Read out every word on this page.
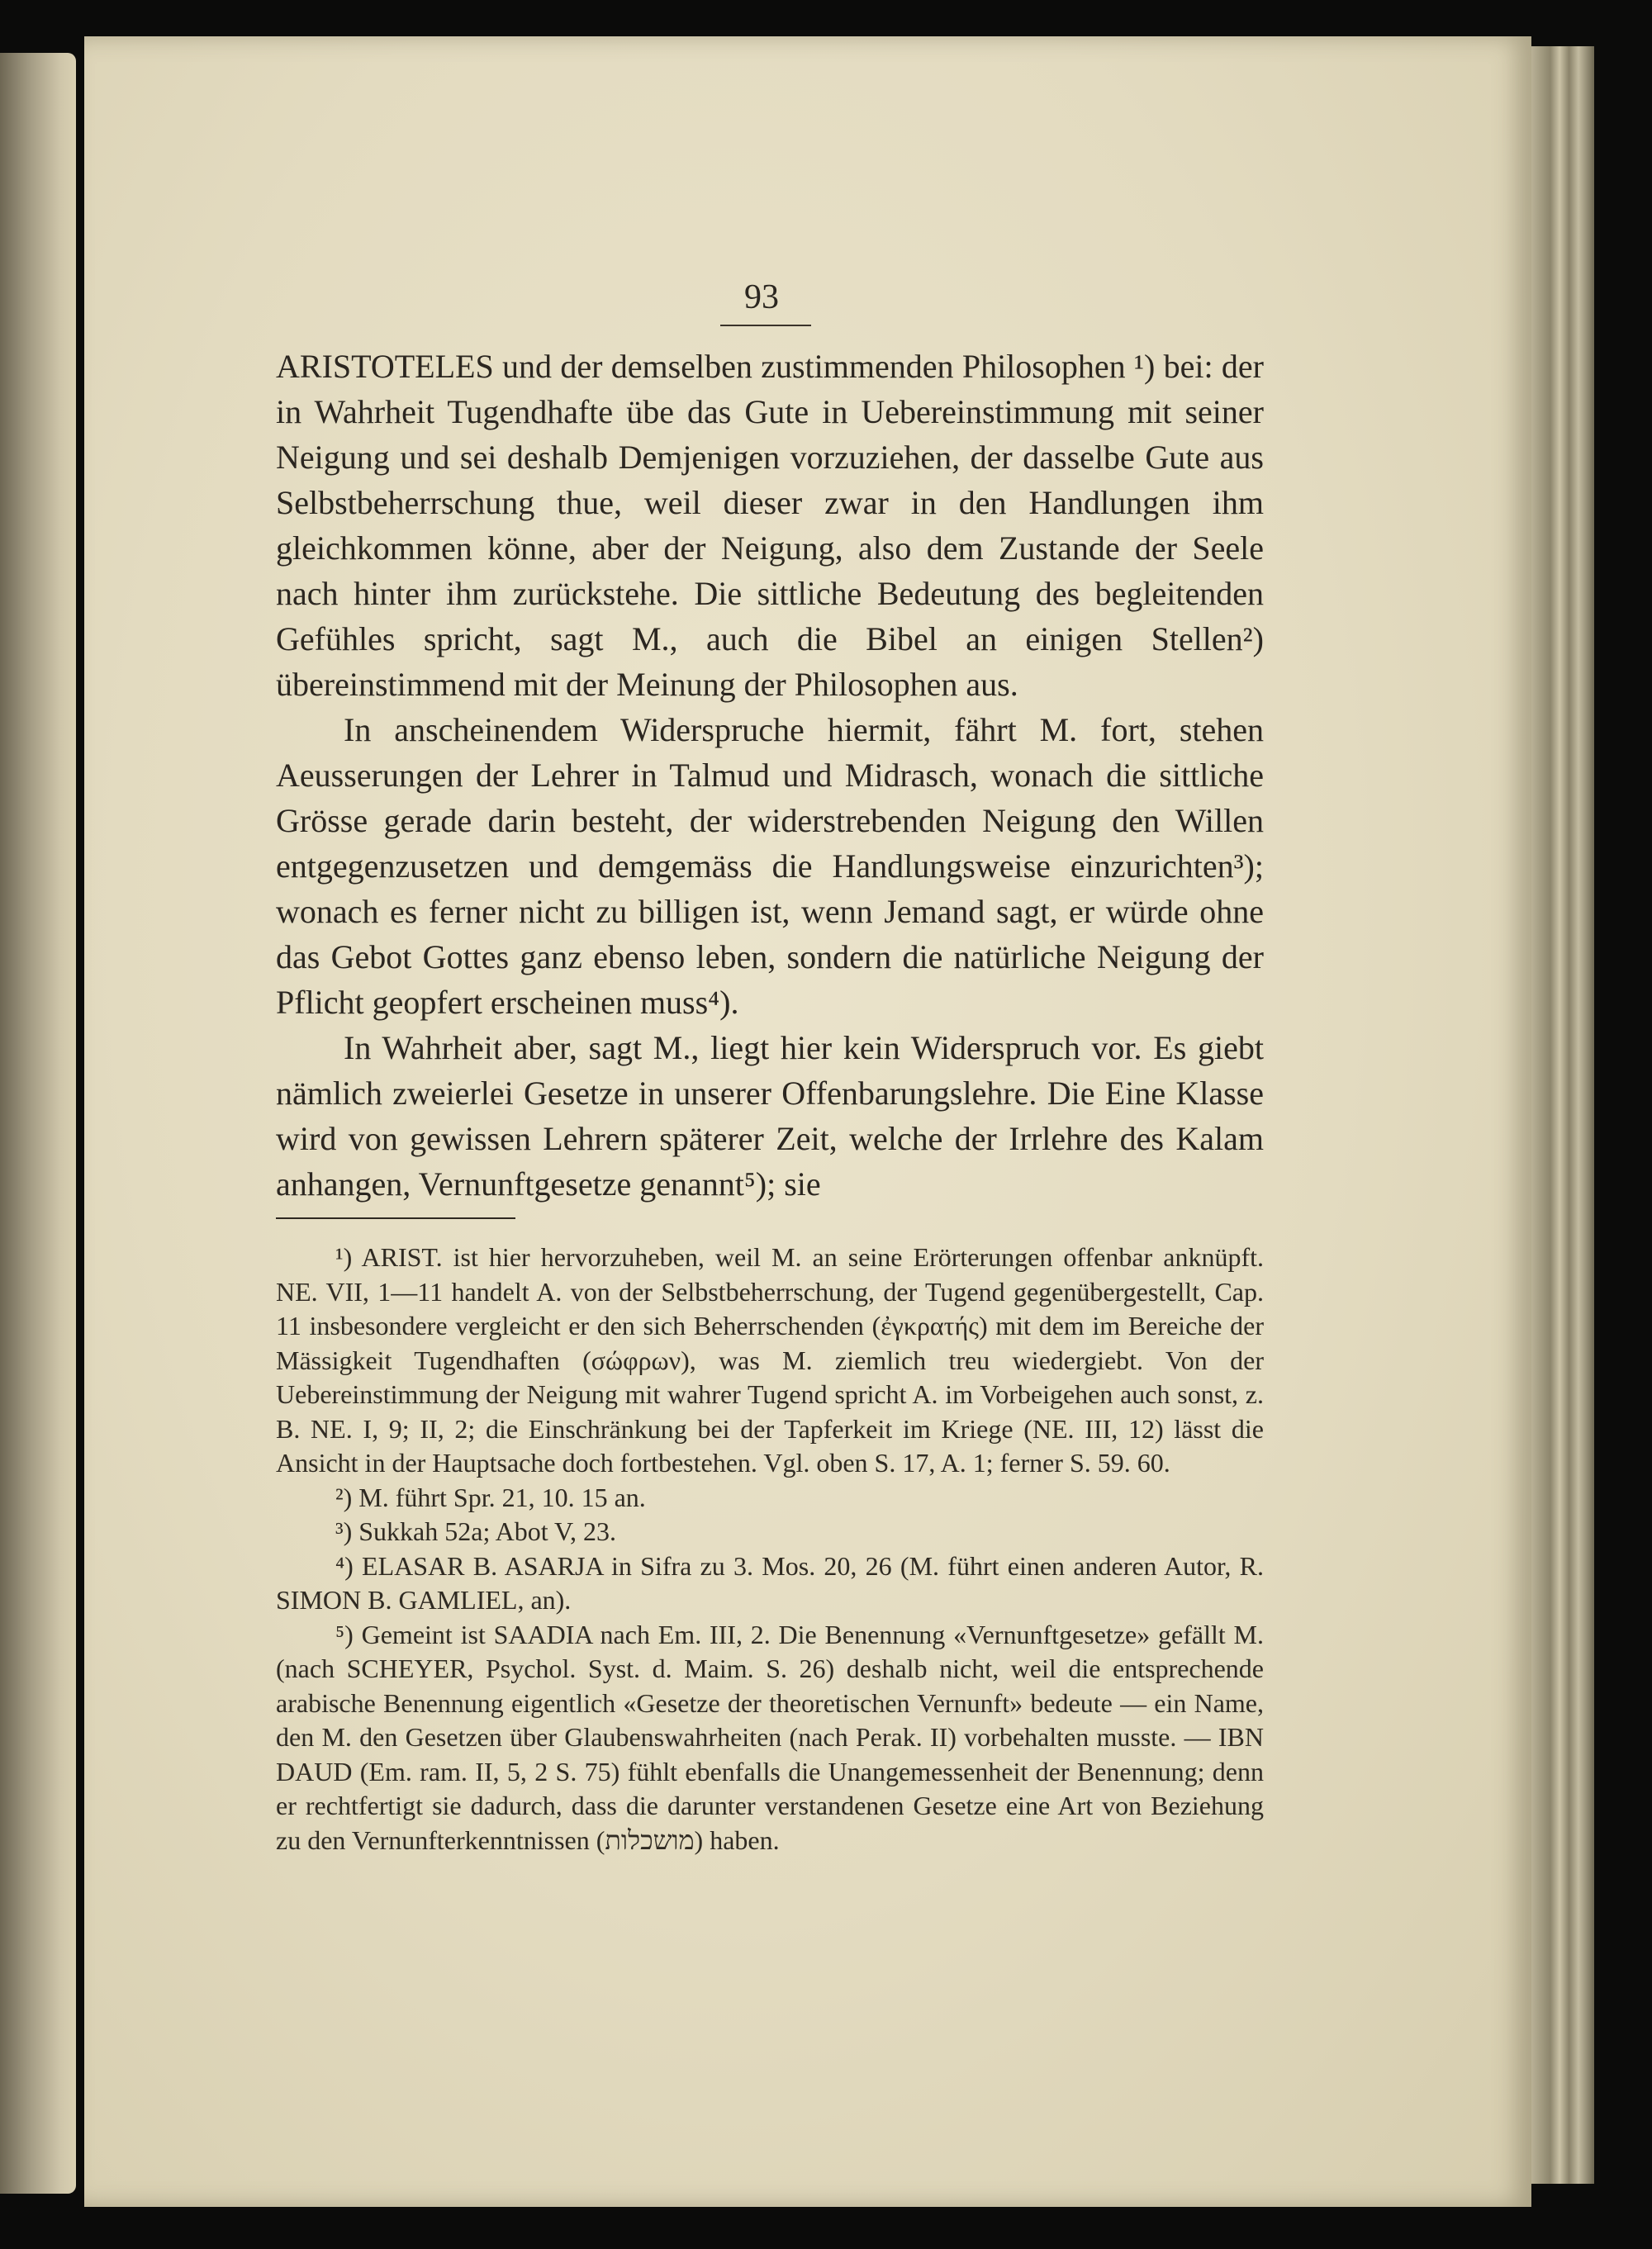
93

ARISTOTELES und der demselben zustimmenden Philosophen ¹) bei: der in Wahrheit Tugendhafte übe das Gute in Uebereinstimmung mit seiner Neigung und sei deshalb Demjenigen vorzuziehen, der dasselbe Gute aus Selbstbeherrschung thue, weil dieser zwar in den Handlungen ihm gleichkommen könne, aber der Neigung, also dem Zustande der Seele nach hinter ihm zurückstehe. Die sittliche Bedeutung des begleitenden Gefühles spricht, sagt M., auch die Bibel an einigen Stellen²) übereinstimmend mit der Meinung der Philosophen aus.

In anscheinendem Widerspruche hiermit, fährt M. fort, stehen Aeusserungen der Lehrer in Talmud und Midrasch, wonach die sittliche Grösse gerade darin besteht, der widerstrebenden Neigung den Willen entgegenzusetzen und demgemäss die Handlungsweise einzurichten³); wonach es ferner nicht zu billigen ist, wenn Jemand sagt, er würde ohne das Gebot Gottes ganz ebenso leben, sondern die natürliche Neigung der Pflicht geopfert erscheinen muss⁴).

In Wahrheit aber, sagt M., liegt hier kein Widerspruch vor. Es giebt nämlich zweierlei Gesetze in unserer Offenbarungslehre. Die Eine Klasse wird von gewissen Lehrern späterer Zeit, welche der Irrlehre des Kalam anhangen, Vernunftgesetze genannt⁵); sie

¹) ARIST. ist hier hervorzuheben, weil M. an seine Erörterungen offenbar anknüpft. NE. VII, 1—11 handelt A. von der Selbstbeherrschung, der Tugend gegenübergestellt, Cap. 11 insbesondere vergleicht er den sich Beherrschenden (ἐγκρατής) mit dem im Bereiche der Mässigkeit Tugendhaften (σώφρων), was M. ziemlich treu wiedergiebt. Von der Uebereinstimmung der Neigung mit wahrer Tugend spricht A. im Vorbeigehen auch sonst, z. B. NE. I, 9; II, 2; die Einschränkung bei der Tapferkeit im Kriege (NE. III, 12) lässt die Ansicht in der Hauptsache doch fortbestehen. Vgl. oben S. 17, A. 1; ferner S. 59. 60.

²) M. führt Spr. 21, 10. 15 an.

³) Sukkah 52a; Abot V, 23.

⁴) ELASAR B. ASARJA in Sifra zu 3. Mos. 20, 26 (M. führt einen anderen Autor, R. SIMON B. GAMLIEL, an).

⁵) Gemeint ist SAADIA nach Em. III, 2. Die Benennung «Vernunftgesetze» gefällt M. (nach SCHEYER, Psychol. Syst. d. Maim. S. 26) deshalb nicht, weil die entsprechende arabische Benennung eigentlich «Gesetze der theoretischen Vernunft» bedeute — ein Name, den M. den Gesetzen über Glaubenswahrheiten (nach Perak. II) vorbehalten musste. — IBN DAUD (Em. ram. II, 5, 2 S. 75) fühlt ebenfalls die Unangemessenheit der Benennung; denn er rechtfertigt sie dadurch, dass die darunter verstandenen Gesetze eine Art von Beziehung zu den Vernunfterkenntnissen (מושכלות) haben.
